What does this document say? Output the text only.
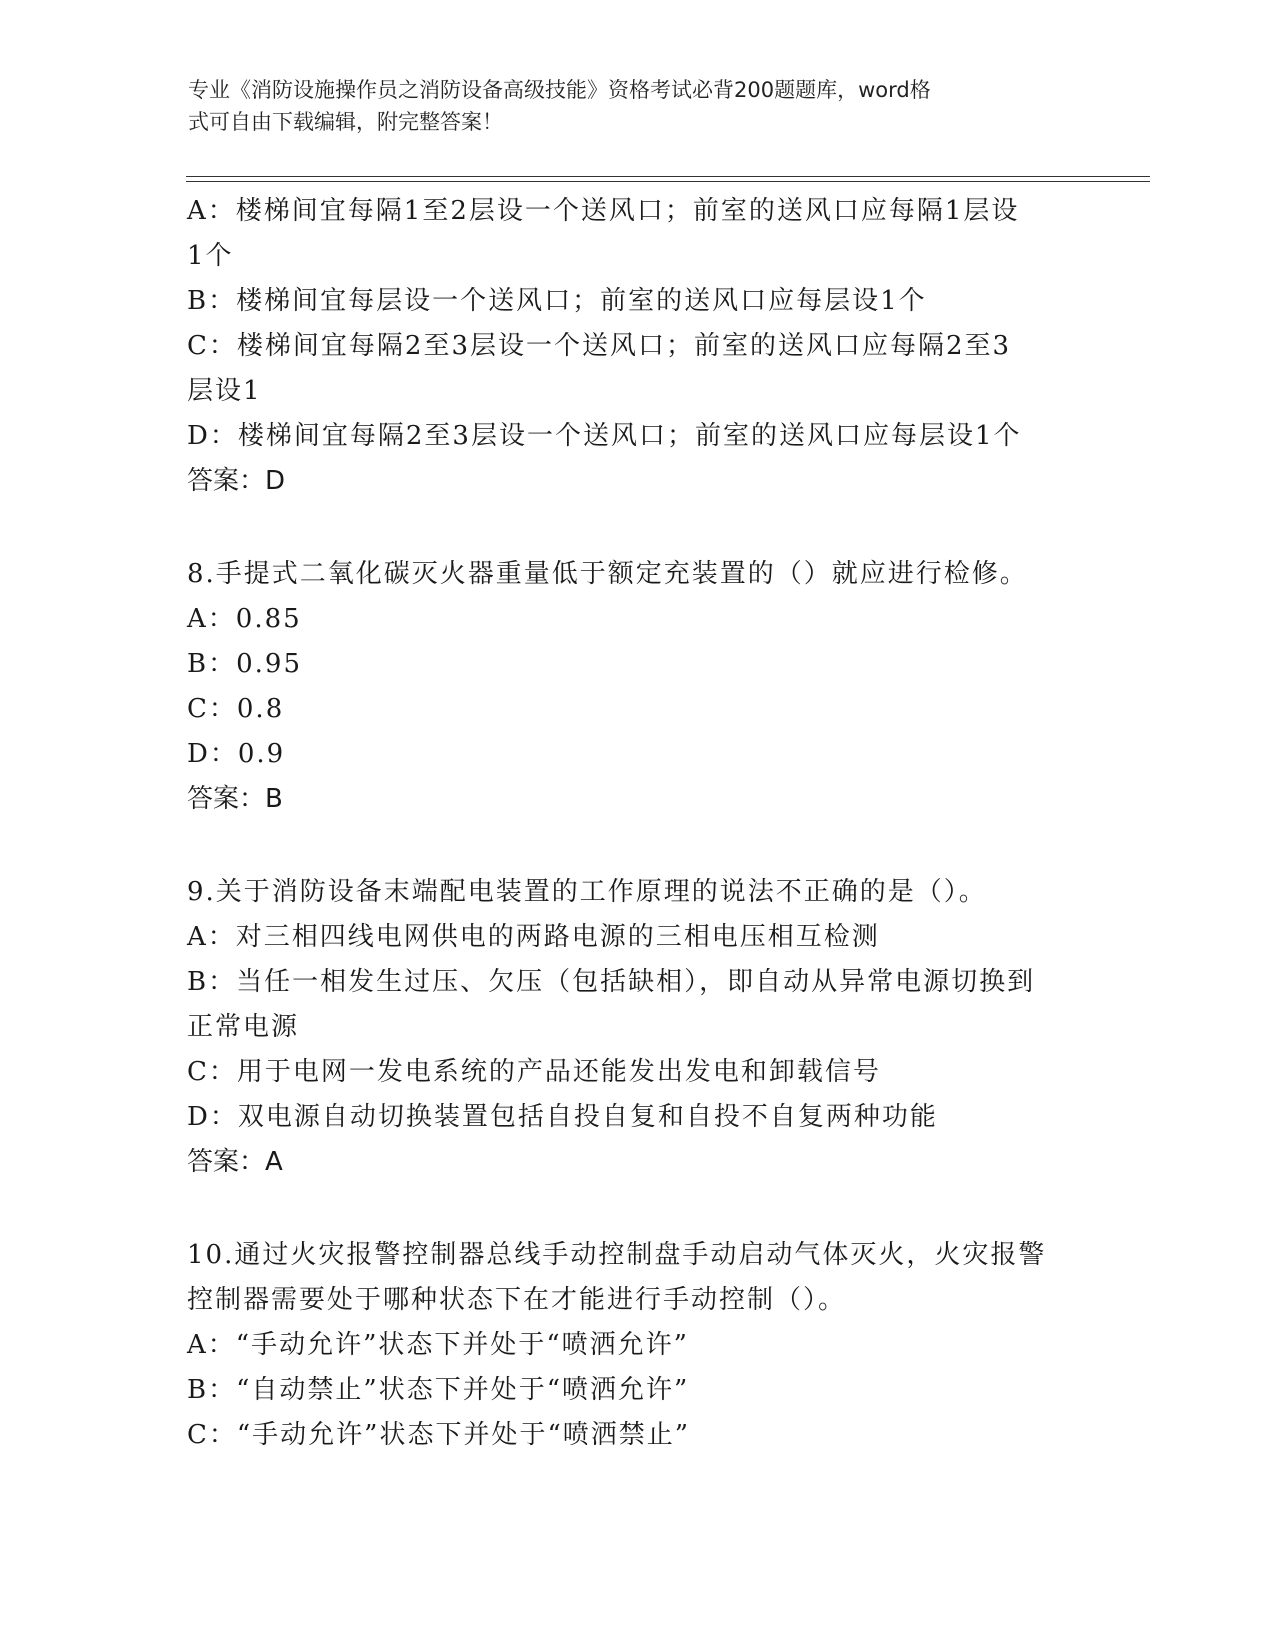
专业《消防设施操作员之消防设备高级技能》资格考试必背200题题库，word格
式可自由下载编辑，附完整答案！
A：楼梯间宜每隔1至2层设一个送风口；前室的送风口应每隔1层设
1个
B：楼梯间宜每层设一个送风口；前室的送风口应每层设1个
C：楼梯间宜每隔2至3层设一个送风口；前室的送风口应每隔2至3
层设1
D：楼梯间宜每隔2至3层设一个送风口；前室的送风口应每层设1个
答案：D
8.手提式二氧化碳灭火器重量低于额定充装置的（）就应进行检修。
A：0.85
B：0.95
C：0.8
D：0.9
答案：B
9.关于消防设备末端配电装置的工作原理的说法不正确的是（）。
A：对三相四线电网供电的两路电源的三相电压相互检测
B：当任一相发生过压、欠压（包括缺相），即自动从异常电源切换到
正常电源
C：用于电网一发电系统的产品还能发出发电和卸载信号
D：双电源自动切换装置包括自投自复和自投不自复两种功能
答案：A
10.通过火灾报警控制器总线手动控制盘手动启动气体灭火，火灾报警
控制器需要处于哪种状态下在才能进行手动控制（）。
A：“手动允许”状态下并处于“喷洒允许”
B：“自动禁止”状态下并处于“喷洒允许”
C：“手动允许”状态下并处于“喷洒禁止”
